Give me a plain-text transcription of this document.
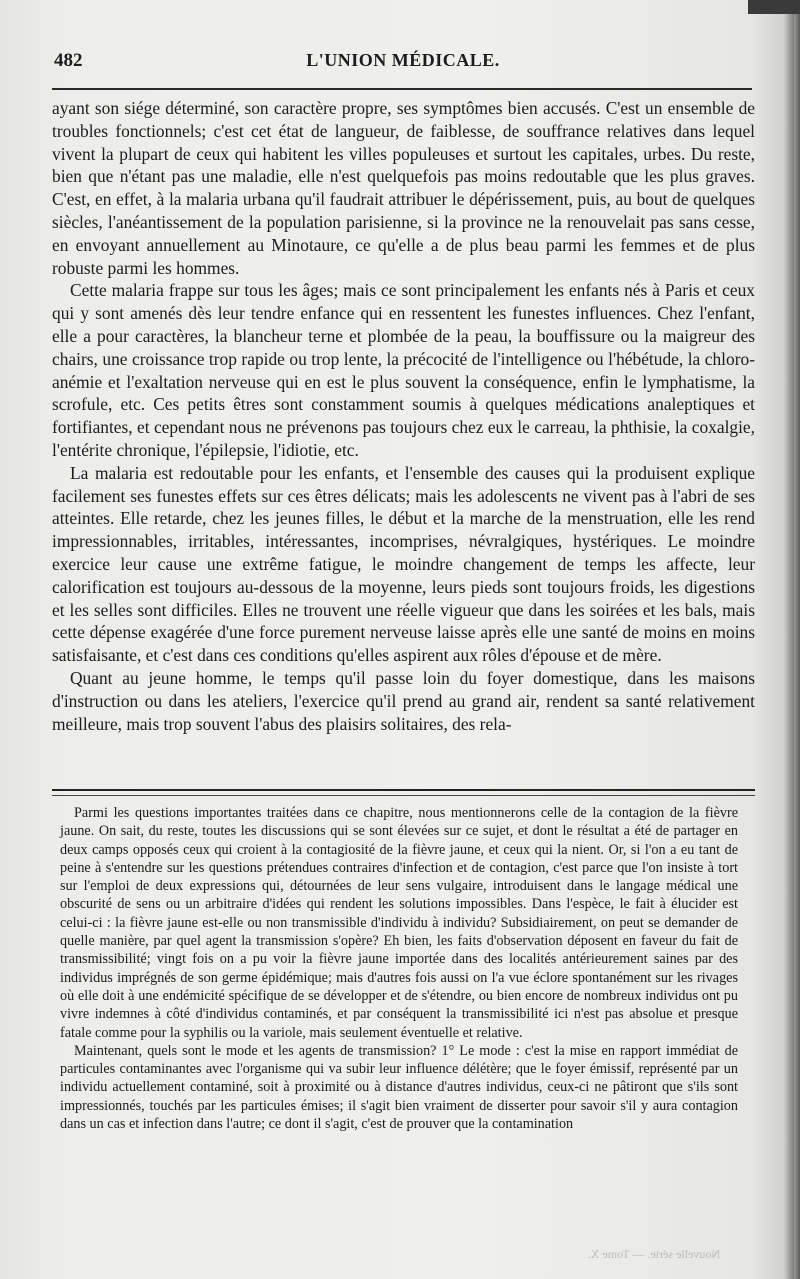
482	L'UNION MÉDICALE.

ayant son siége déterminé, son caractère propre, ses symptômes bien accusés. C'est un ensemble de troubles fonctionnels; c'est cet état de langueur, de faiblesse, de souffrance relatives dans lequel vivent la plupart de ceux qui habitent les villes populeuses et surtout les capitales, urbes. Du reste, bien que n'étant pas une maladie, elle n'est quelquefois pas moins redoutable que les plus graves. C'est, en effet, à la malaria urbana qu'il faudrait attribuer le dépérissement, puis, au bout de quelques siècles, l'anéantissement de la population parisienne, si la province ne la renouvelait pas sans cesse, en envoyant annuellement au Minotaure, ce qu'elle a de plus beau parmi les femmes et de plus robuste parmi les hommes.

Cette malaria frappe sur tous les âges; mais ce sont principalement les enfants nés à Paris et ceux qui y sont amenés dès leur tendre enfance qui en ressentent les funestes influences. Chez l'enfant, elle a pour caractères, la blancheur terne et plombée de la peau, la bouffissure ou la maigreur des chairs, une croissance trop rapide ou trop lente, la précocité de l'intelligence ou l'hébétude, la chloro-anémie et l'exaltation nerveuse qui en est le plus souvent la conséquence, enfin le lymphatisme, la scrofule, etc. Ces petits êtres sont constamment soumis à quelques médications analeptiques et fortifiantes, et cependant nous ne prévenons pas toujours chez eux le carreau, la phthisie, la coxalgie, l'entérite chronique, l'épilepsie, l'idiotie, etc.

La malaria est redoutable pour les enfants, et l'ensemble des causes qui la produisent explique facilement ses funestes effets sur ces êtres délicats; mais les adolescents ne vivent pas à l'abri de ses atteintes. Elle retarde, chez les jeunes filles, le début et la marche de la menstruation, elle les rend impressionnables, irritables, intéressantes, incomprises, névralgiques, hystériques. Le moindre exercice leur cause une extrême fatigue, le moindre changement de temps les affecte, leur calorification est toujours au-dessous de la moyenne, leurs pieds sont toujours froids, les digestions et les selles sont difficiles. Elles ne trouvent une réelle vigueur que dans les soirées et les bals, mais cette dépense exagérée d'une force purement nerveuse laisse après elle une santé de moins en moins satisfaisante, et c'est dans ces conditions qu'elles aspirent aux rôles d'épouse et de mère.

Quant au jeune homme, le temps qu'il passe loin du foyer domestique, dans les maisons d'instruction ou dans les ateliers, l'exercice qu'il prend au grand air, rendent sa santé relativement meilleure, mais trop souvent l'abus des plaisirs solitaires, des rela-

Parmi les questions importantes traitées dans ce chapitre, nous mentionnerons celle de la contagion de la fièvre jaune. On sait, du reste, toutes les discussions qui se sont élevées sur ce sujet, et dont le résultat a été de partager en deux camps opposés ceux qui croient à la contagiosité de la fièvre jaune, et ceux qui la nient. Or, si l'on a eu tant de peine à s'entendre sur les questions prétendues contraires d'infection et de contagion, c'est parce que l'on insiste à tort sur l'emploi de deux expressions qui, détournées de leur sens vulgaire, introduisent dans le langage médical une obscurité de sens ou un arbitraire d'idées qui rendent les solutions impossibles. Dans l'espèce, le fait à élucider est celui-ci : la fièvre jaune est-elle ou non transmissible d'individu à individu? Subsidiairement, on peut se demander de quelle manière, par quel agent la transmission s'opère? Eh bien, les faits d'observation déposent en faveur du fait de transmissibilité; vingt fois on a pu voir la fièvre jaune importée dans des localités antérieurement saines par des individus imprégnés de son germe épidémique; mais d'autres fois aussi on l'a vue éclore spontanément sur les rivages où elle doit à une endémicité spécifique de se développer et de s'étendre, ou bien encore de nombreux individus ont pu vivre indemnes à côté d'individus contaminés, et par conséquent la transmissibilité ici n'est pas absolue et presque fatale comme pour la syphilis ou la variole, mais seulement éventuelle et relative.

Maintenant, quels sont le mode et les agents de transmission? 1° Le mode : c'est la mise en rapport immédiat de particules contaminantes avec l'organisme qui va subir leur influence délétère; que le foyer émissif, représenté par un individu actuellement contaminé, soit à proximité ou à distance d'autres individus, ceux-ci ne pâtiront que s'ils sont impressionnés, touchés par les particules émises; il s'agit bien vraiment de disserter pour savoir s'il y aura contagion dans un cas et infection dans l'autre; ce dont il s'agit, c'est de prouver que la contamination

Nouvelle série. — Tome X.
